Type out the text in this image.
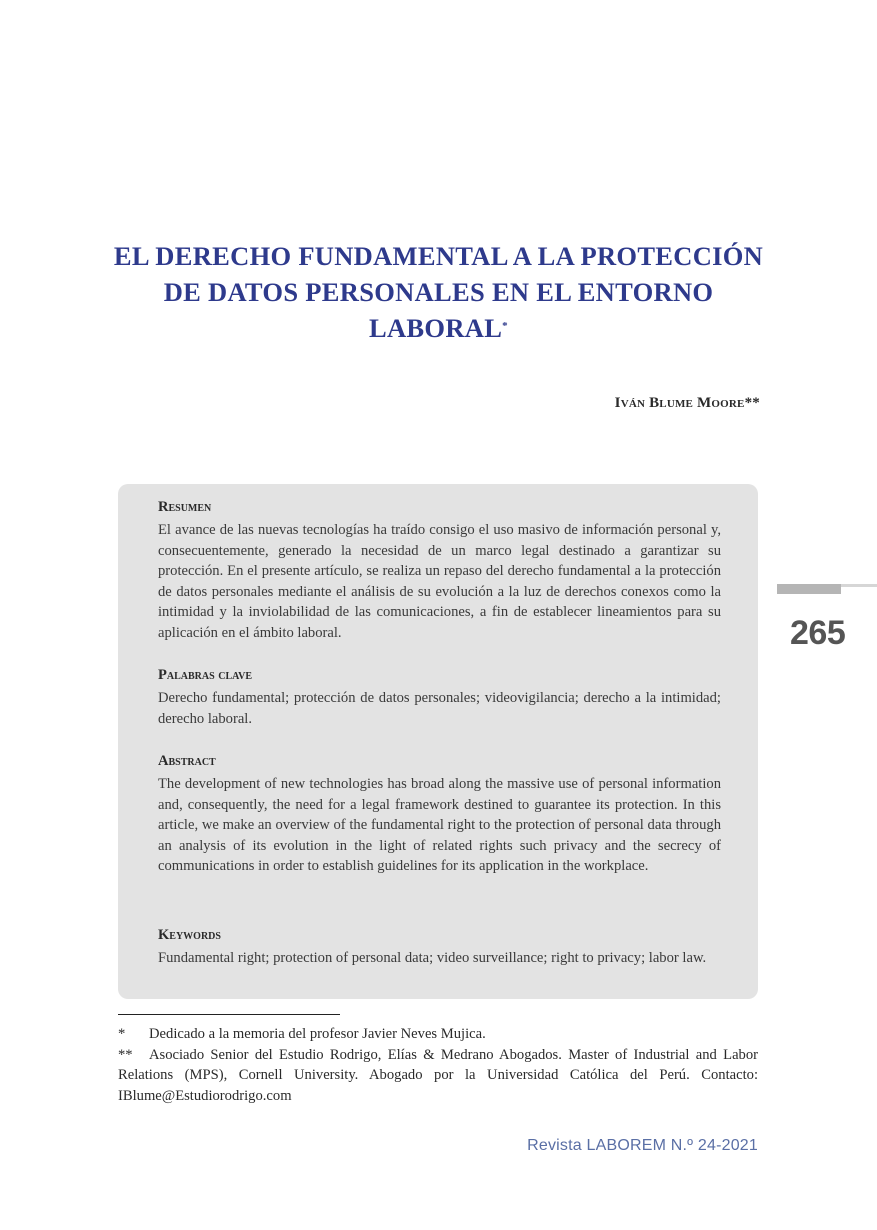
EL DERECHO FUNDAMENTAL A LA PROTECCIÓN
DE DATOS PERSONALES EN EL ENTORNO
LABORAL*
Iván Blume Moore**

Resumen

El avance de las nuevas tecnologías ha traído consigo el uso masivo de información personal y, consecuentemente, generado la necesidad de un marco legal destinado a garantizar su protección. En el presente artículo, se realiza un repaso del derecho fundamental a la protección de datos personales mediante el análisis de su evolución a la luz de derechos conexos como la intimidad y la inviolabilidad de las comunicaciones, a fin de establecer lineamientos para su aplicación en el ámbito laboral.

Palabras clave

Derecho fundamental; protección de datos personales; videovigilancia; derecho a la intimidad; derecho laboral.

Abstract

The development of new technologies has broad along the massive use of personal information and, consequently, the need for a legal framework destined to guarantee its protection. In this article, we make an overview of the fundamental right to the protection of personal data through an analysis of its evolution in the light of related rights such privacy and the secrecy of communications in order to establish guidelines for its application in the workplace.

Keywords

Fundamental right; protection of personal data; video surveillance; right to privacy; labor law.

265
*	Dedicado a la memoria del profesor Javier Neves Mujica.
**	Asociado Senior del Estudio Rodrigo, Elías & Medrano Abogados. Master of Industrial and Labor Relations (MPS), Cornell University. Abogado por la Universidad Católica del Perú. Contacto: IBlume@Estudiorodrigo.com
Revista LABOREM N.º 24-2021
